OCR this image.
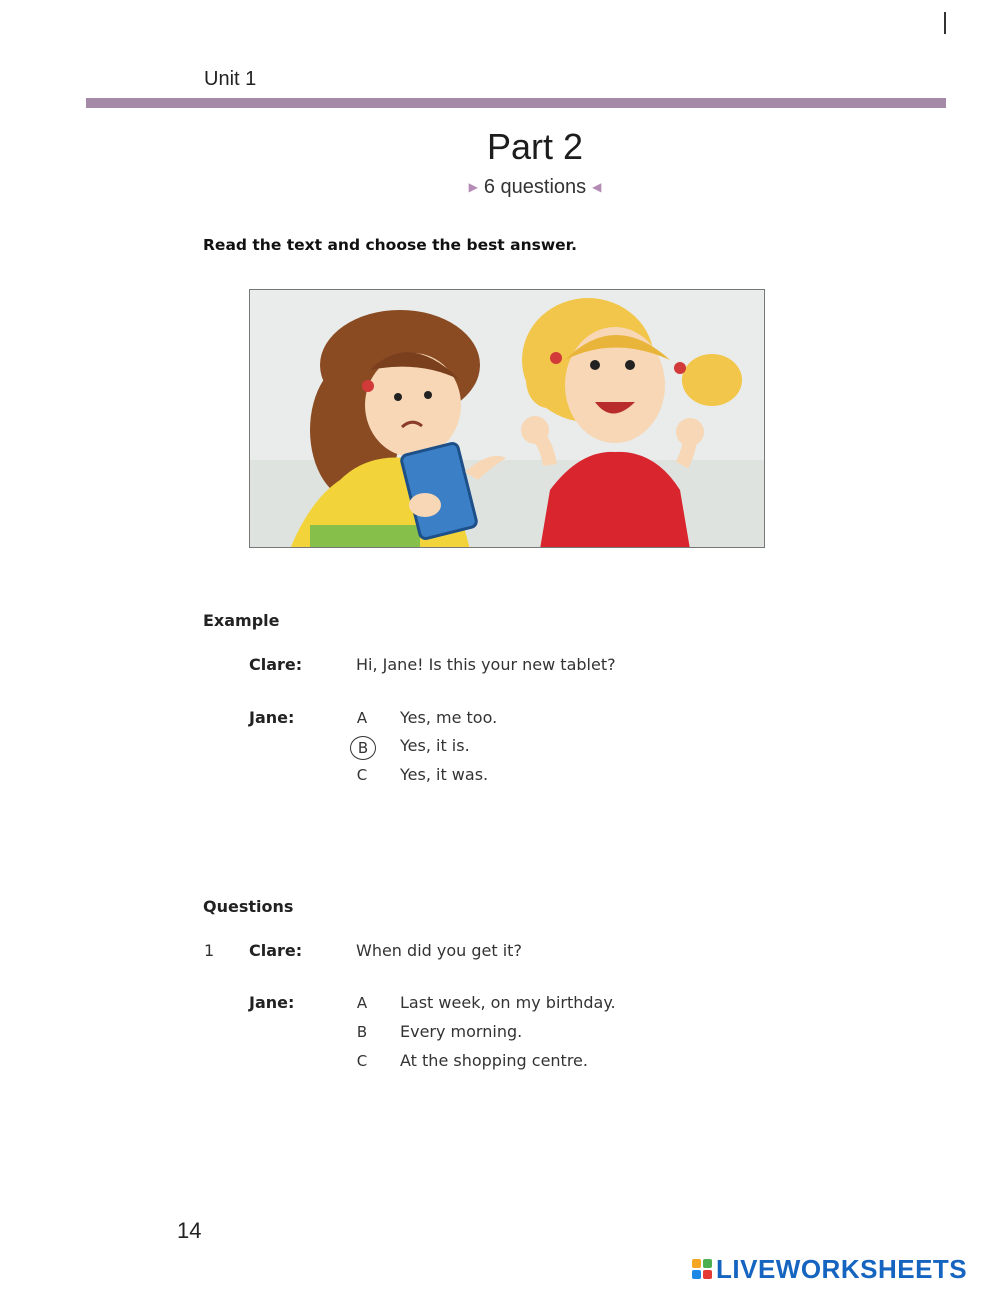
Unit 1
Part 2
▶ 6 questions ◀
Read the text and choose the best answer.
Example
Clare:	Hi, Jane! Is this your new tablet?
Jane:	A	Yes, me too.
B	Yes, it is.
C	Yes, it was.
Questions
1 Clare:	When did you get it?
Jane:	A	Last week, on my birthday.
B	Every morning.
C	At the shopping centre.
14
LIVEWORKSHEETS
